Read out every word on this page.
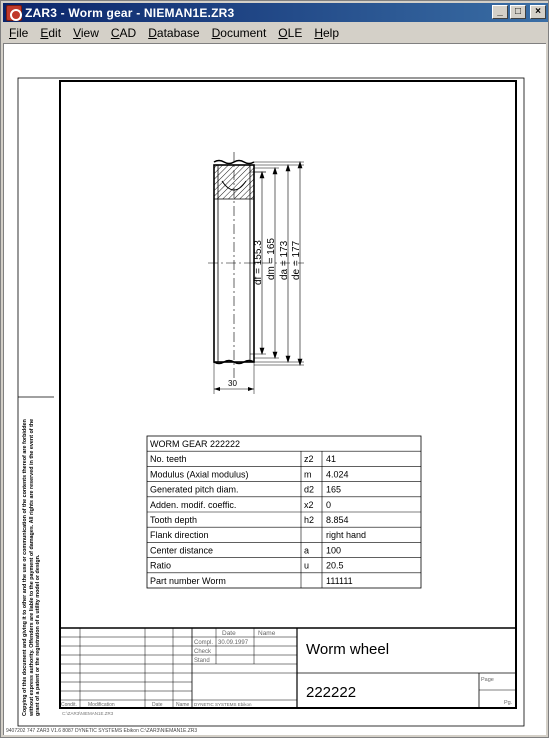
ZAR3 - Worm gear - NIEMAN1E.ZR3	_	□	×
File	Edit	View	CAD	Database	Document	OLE	Help
Copying of this document and giving it to other and the use or communication of the contents thereof are forbidden without express authority. Offenders are liable to the payment of damages. All rights are reserved in the event of the grant of a patent or the registration of a utility model or design.
df = 155.3 dm = 165 da = 173 de = 177
30
WORM GEAR 222222
No. teeth	z2 41
Modulus (Axial modulus)	m 4.024
Generated pitch diam.	d2 165
Adden. modif. coeffic.	x2 0
Tooth depth	h2 8.854
Flank direction	right hand
Center distance	a 100
Ratio	u 20.5
Part number Worm	111111
Condit. Modification	Date	Name
Date	Name
Compl. 30.09.1997
Check
Stand
DYNETIC SYSTEMS Ebikon
Worm wheel
222222
Page
Pg.
C:\ZAR3\NIEMAN1E.ZR3
9407202 747 ZAR3 V1.6 8087 DYNETIC SYSTEMS Ebikon C:\ZAR3\NIEMAN1E.ZR3
